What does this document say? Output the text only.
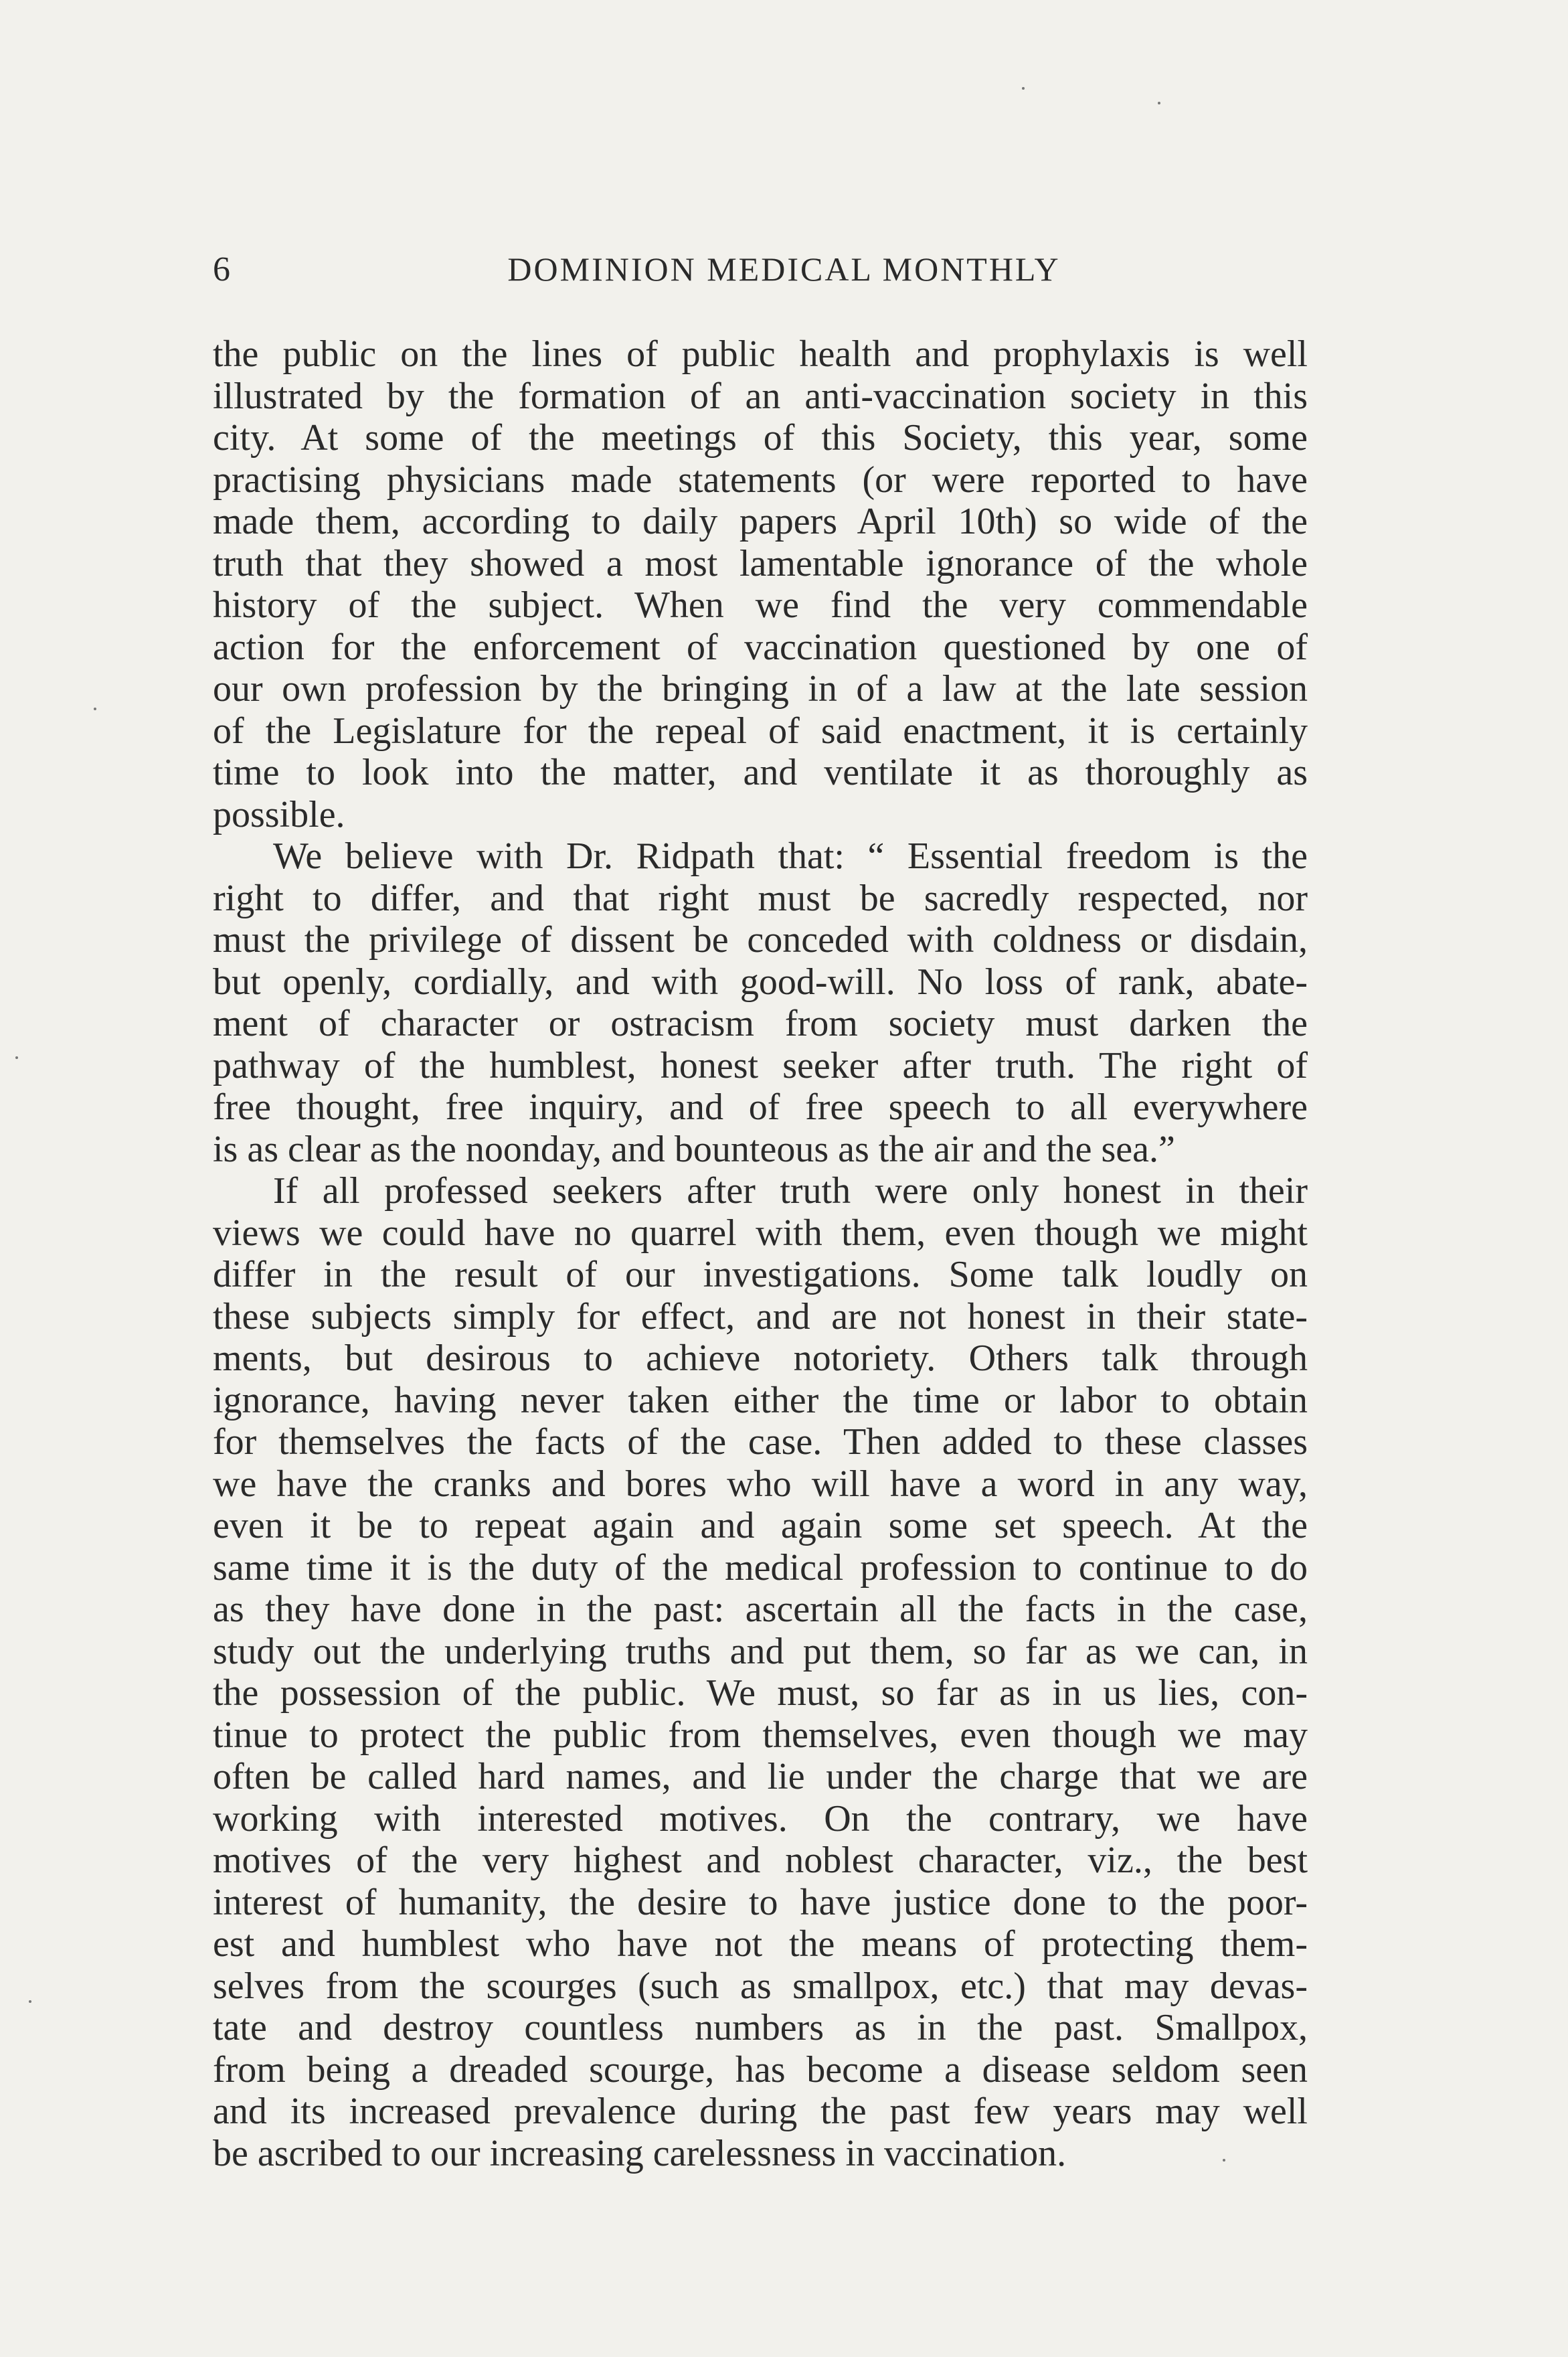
6	DOMINION MEDICAL MONTHLY
the public on the lines of public health and prophylaxis is well
illustrated by the formation of an anti-vaccination society in this
city. At some of the meetings of this Society, this year, some
practising physicians made statements (or were reported to have
made them, according to daily papers April 10th) so wide of the
truth that they showed a most lamentable ignorance of the whole
history of the subject. When we find the very commendable
action for the enforcement of vaccination questioned by one of
our own profession by the bringing in of a law at the late session
of the Legislature for the repeal of said enactment, it is certainly
time to look into the matter, and ventilate it as thoroughly as
possible.
We believe with Dr. Ridpath that: “ Essential freedom is the
right to differ, and that right must be sacredly respected, nor
must the privilege of dissent be conceded with coldness or disdain,
but openly, cordially, and with good-will. No loss of rank, abate-
ment of character or ostracism from society must darken the
pathway of the humblest, honest seeker after truth. The right of
free thought, free inquiry, and of free speech to all everywhere
is as clear as the noonday, and bounteous as the air and the sea.”
If all professed seekers after truth were only honest in their
views we could have no quarrel with them, even though we might
differ in the result of our investigations. Some talk loudly on
these subjects simply for effect, and are not honest in their state-
ments, but desirous to achieve notoriety. Others talk through
ignorance, having never taken either the time or labor to obtain
for themselves the facts of the case. Then added to these classes
we have the cranks and bores who will have a word in any way,
even it be to repeat again and again some set speech. At the
same time it is the duty of the medical profession to continue to do
as they have done in the past: ascertain all the facts in the case,
study out the underlying truths and put them, so far as we can, in
the possession of the public. We must, so far as in us lies, con-
tinue to protect the public from themselves, even though we may
often be called hard names, and lie under the charge that we are
working with interested motives. On the contrary, we have
motives of the very highest and noblest character, viz., the best
interest of humanity, the desire to have justice done to the poor-
est and humblest who have not the means of protecting them-
selves from the scourges (such as smallpox, etc.) that may devas-
tate and destroy countless numbers as in the past. Smallpox,
from being a dreaded scourge, has become a disease seldom seen
and its increased prevalence during the past few years may well
be ascribed to our increasing carelessness in vaccination.
